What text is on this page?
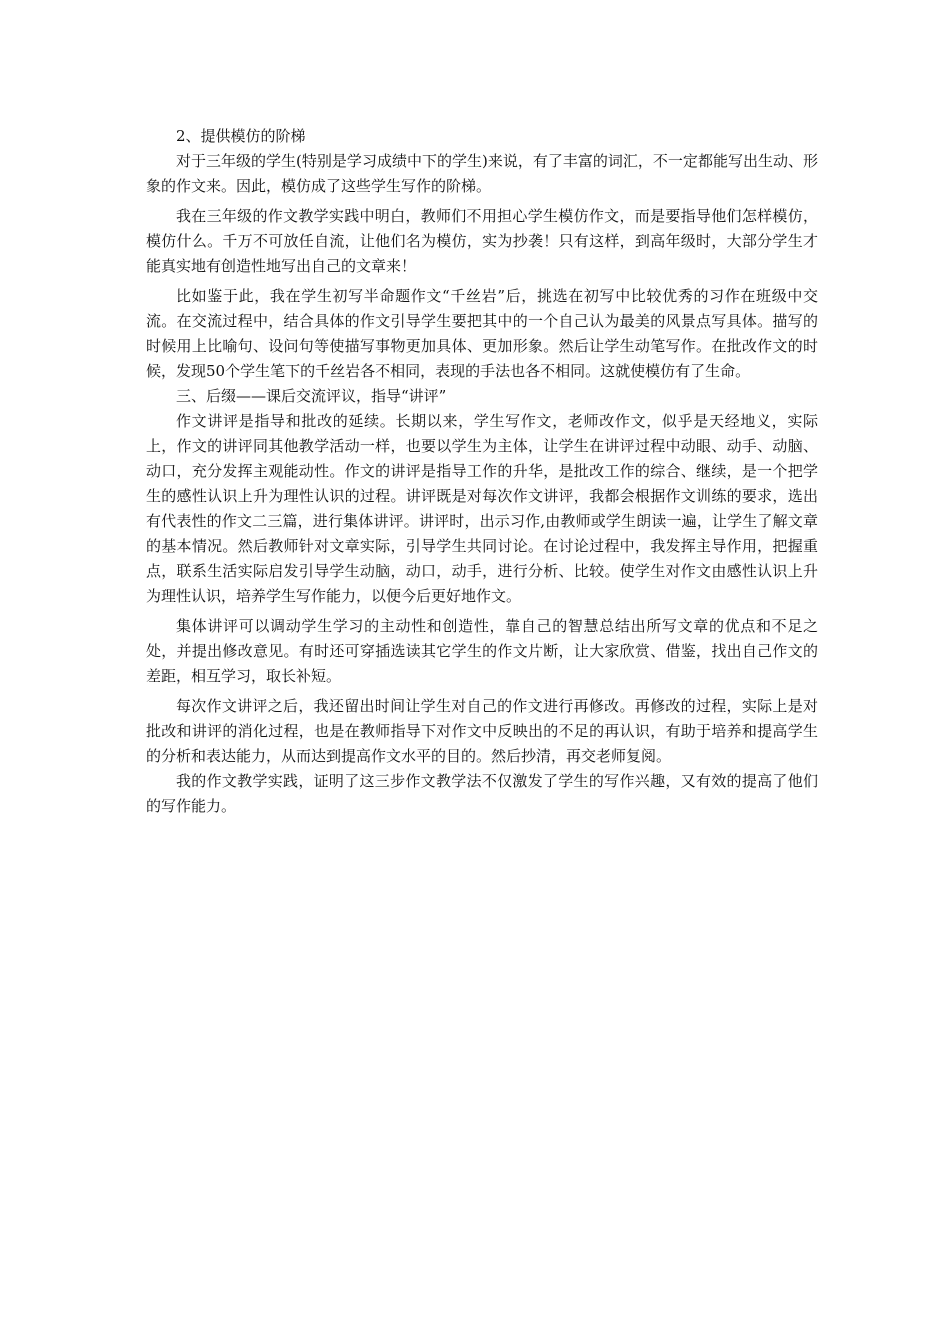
2、提供模仿的阶梯

对于三年级的学生(特别是学习成绩中下的学生)来说，有了丰富的词汇，不一定都能写出生动、形象的作文来。因此，模仿成了这些学生写作的阶梯。

我在三年级的作文教学实践中明白，教师们不用担心学生模仿作文，而是要指导他们怎样模仿，模仿什么。千万不可放任自流，让他们名为模仿，实为抄袭！只有这样，到高年级时，大部分学生才能真实地有创造性地写出自己的文章来！

比如鉴于此，我在学生初写半命题作文“千丝岩”后，挑选在初写中比较优秀的习作在班级中交流。在交流过程中，结合具体的作文引导学生要把其中的一个自己认为最美的风景点写具体。描写的时候用上比喻句、设问句等使描写事物更加具体、更加形象。然后让学生动笔写作。在批改作文的时候，发现50个学生笔下的千丝岩各不相同，表现的手法也各不相同。这就使模仿有了生命。

三、后缀——课后交流评议，指导“讲评”

作文讲评是指导和批改的延续。长期以来，学生写作文，老师改作文，似乎是天经地义，实际上，作文的讲评同其他教学活动一样，也要以学生为主体，让学生在讲评过程中动眼、动手、动脑、动口，充分发挥主观能动性。作文的讲评是指导工作的升华，是批改工作的综合、继续，是一个把学生的感性认识上升为理性认识的过程。讲评既是对每次作文讲评，我都会根据作文训练的要求，选出有代表性的作文二三篇，进行集体讲评。讲评时，出示习作,由教师或学生朗读一遍，让学生了解文章的基本情况。然后教师针对文章实际，引导学生共同讨论。在讨论过程中，我发挥主导作用，把握重点，联系生活实际启发引导学生动脑，动口，动手，进行分析、比较。使学生对作文由感性认识上升为理性认识，培养学生写作能力，以便今后更好地作文。

集体讲评可以调动学生学习的主动性和创造性，靠自己的智慧总结出所写文章的优点和不足之处，并提出修改意见。有时还可穿插选读其它学生的作文片断，让大家欣赏、借鉴，找出自己作文的差距，相互学习，取长补短。

每次作文讲评之后，我还留出时间让学生对自己的作文进行再修改。再修改的过程，实际上是对批改和讲评的消化过程，也是在教师指导下对作文中反映出的不足的再认识，有助于培养和提高学生的分析和表达能力，从而达到提高作文水平的目的。然后抄清，再交老师复阅。

我的作文教学实践，证明了这三步作文教学法不仅激发了学生的写作兴趣，又有效的提高了他们的写作能力。
